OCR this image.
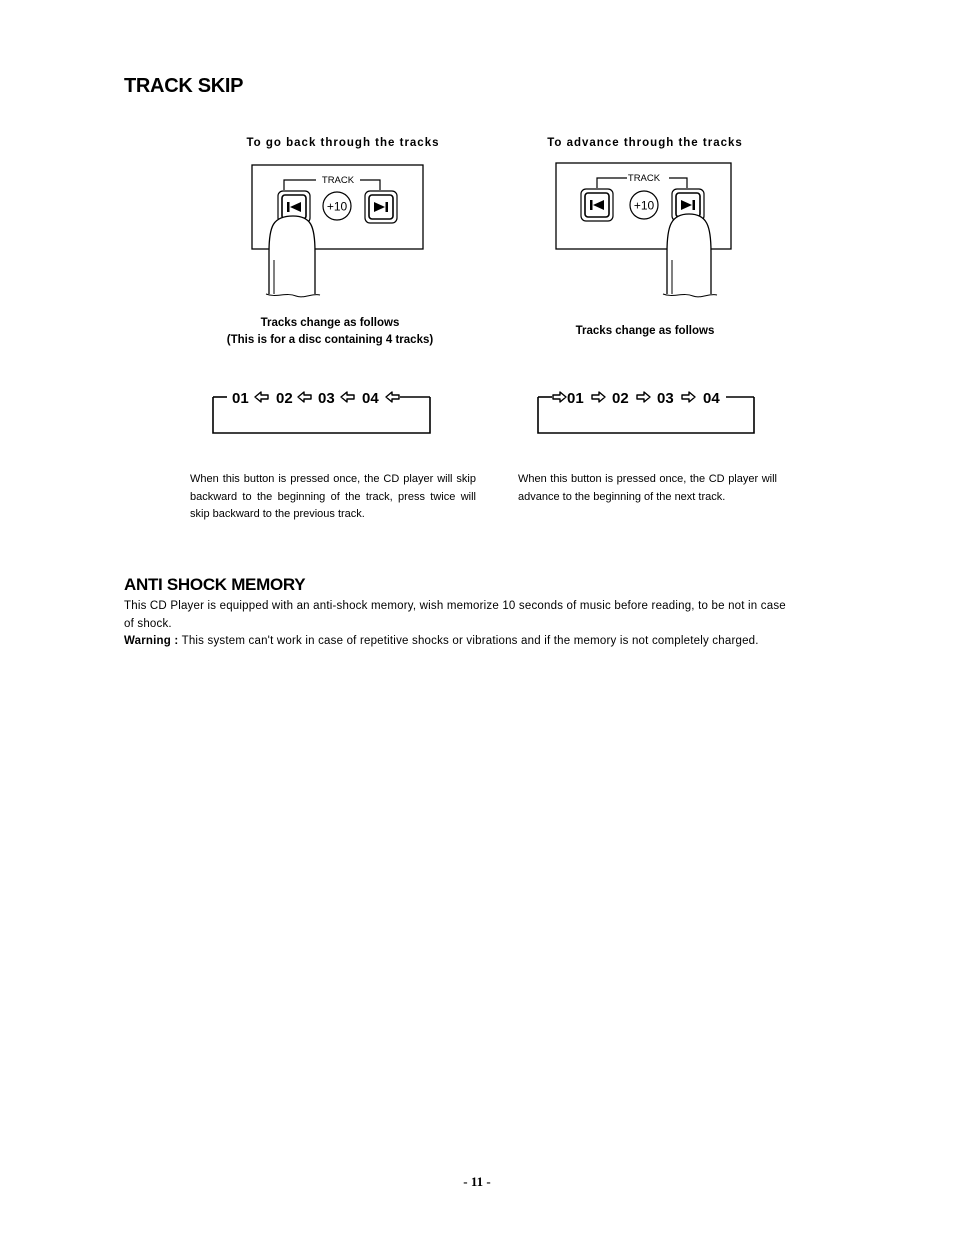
TRACK SKIP
To go back through the tracks	To advance through the tracks
TRACK
+10
TRACK
+10
Tracks change as follows
(This is for a disc containing 4 tracks)
Tracks change as follows
01 02 03 04	01 02 03 04
When this button is pressed once, the CD player will skip backward to the beginning of the track, press twice will skip backward to the previous track.
When this button is pressed once, the CD player will advance to the beginning of the next track.
ANTI SHOCK MEMORY
This CD Player is equipped with an anti-shock memory, wish memorize 10 seconds of music before reading, to be not in case of shock.
Warning : This system can't work in case of repetitive shocks or vibrations and if the memory is not completely charged.
- 11 -
